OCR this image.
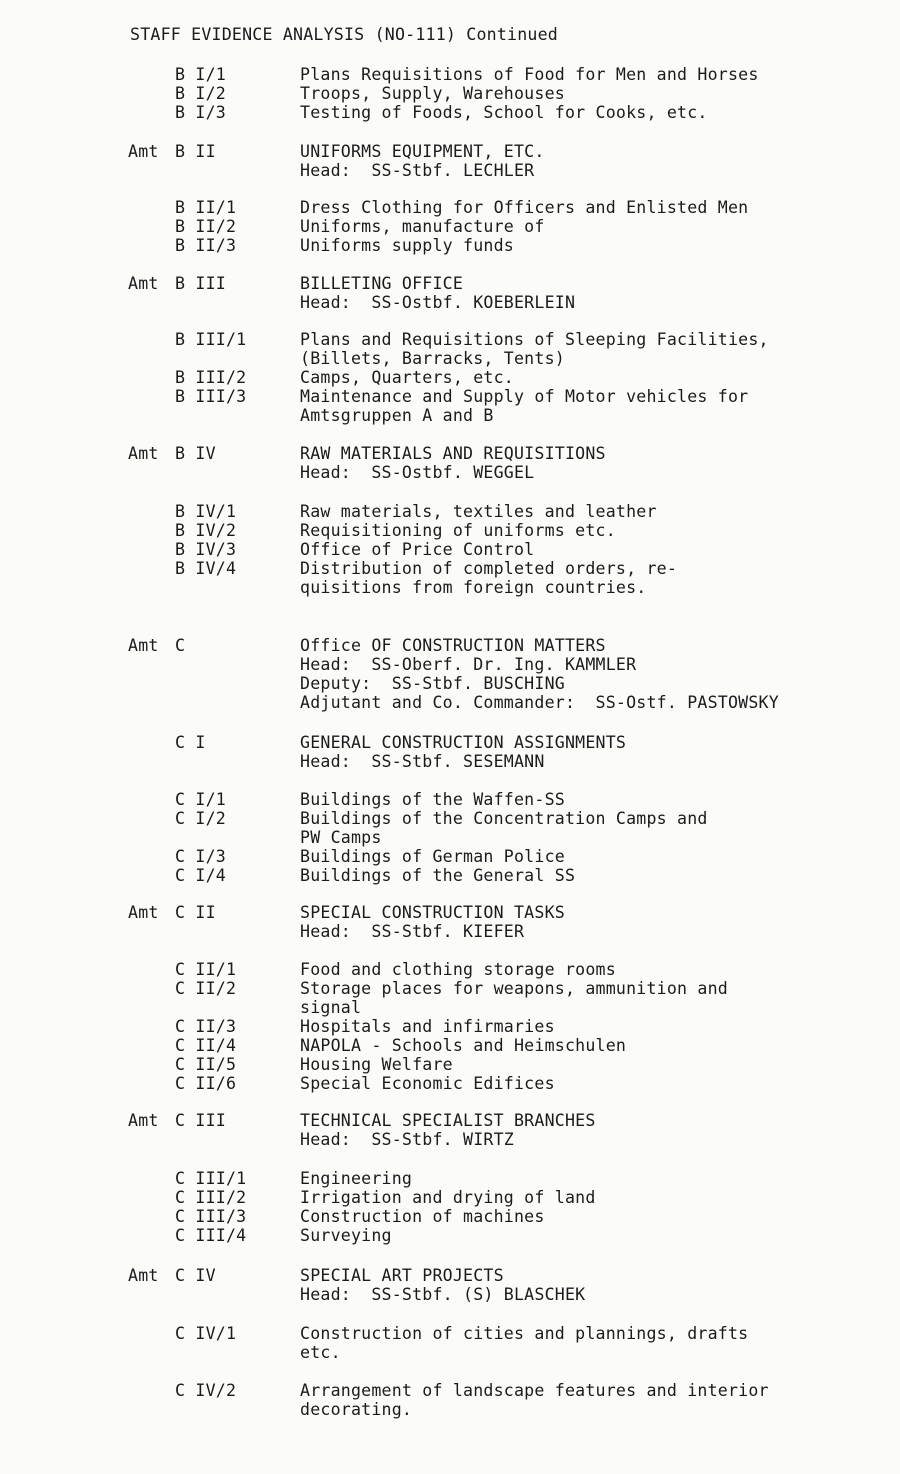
STAFF EVIDENCE ANALYSIS (NO-111) Continued
B I/1	Plans Requisitions of Food for Men and Horses
B I/2	Troops, Supply, Warehouses
B I/3	Testing of Foods, School for Cooks, etc.
Amt B II	UNIFORMS EQUIPMENT, ETC.
Head:  SS-Stbf. LECHLER
B II/1	Dress Clothing for Officers and Enlisted Men
B II/2	Uniforms, manufacture of
B II/3	Uniforms supply funds
Amt B III	BILLETING OFFICE
Head:  SS-Ostbf. KOEBERLEIN
B III/1	Plans and Requisitions of Sleeping Facilities,
(Billets, Barracks, Tents)
B III/2	Camps, Quarters, etc.
B III/3	Maintenance and Supply of Motor vehicles for
Amtsgruppen A and B
Amt B IV	RAW MATERIALS AND REQUISITIONS
Head:  SS-Ostbf. WEGGEL
B IV/1	Raw materials, textiles and leather
B IV/2	Requisitioning of uniforms etc.
B IV/3	Office of Price Control
B IV/4	Distribution of completed orders, re-
quisitions from foreign countries.
Amt C	Office OF CONSTRUCTION MATTERS
Head:  SS-Oberf. Dr. Ing. KAMMLER
Deputy:  SS-Stbf. BUSCHING
Adjutant and Co. Commander:  SS-Ostf. PASTOWSKY
C I	GENERAL CONSTRUCTION ASSIGNMENTS
Head:  SS-Stbf. SESEMANN
C I/1	Buildings of the Waffen-SS
C I/2	Buildings of the Concentration Camps and
PW Camps
C I/3	Buildings of German Police
C I/4	Buildings of the General SS
Amt C II	SPECIAL CONSTRUCTION TASKS
Head:  SS-Stbf. KIEFER
C II/1	Food and clothing storage rooms
C II/2	Storage places for weapons, ammunition and
signal
C II/3	Hospitals and infirmaries
C II/4	NAPOLA - Schools and Heimschulen
C II/5	Housing Welfare
C II/6	Special Economic Edifices
Amt C III	TECHNICAL SPECIALIST BRANCHES
Head:  SS-Stbf. WIRTZ
C III/1	Engineering
C III/2	Irrigation and drying of land
C III/3	Construction of machines
C III/4	Surveying
Amt C IV	SPECIAL ART PROJECTS
Head:  SS-Stbf. (S) BLASCHEK
C IV/1	Construction of cities and plannings, drafts
etc.
C IV/2	Arrangement of landscape features and interior
decorating.
